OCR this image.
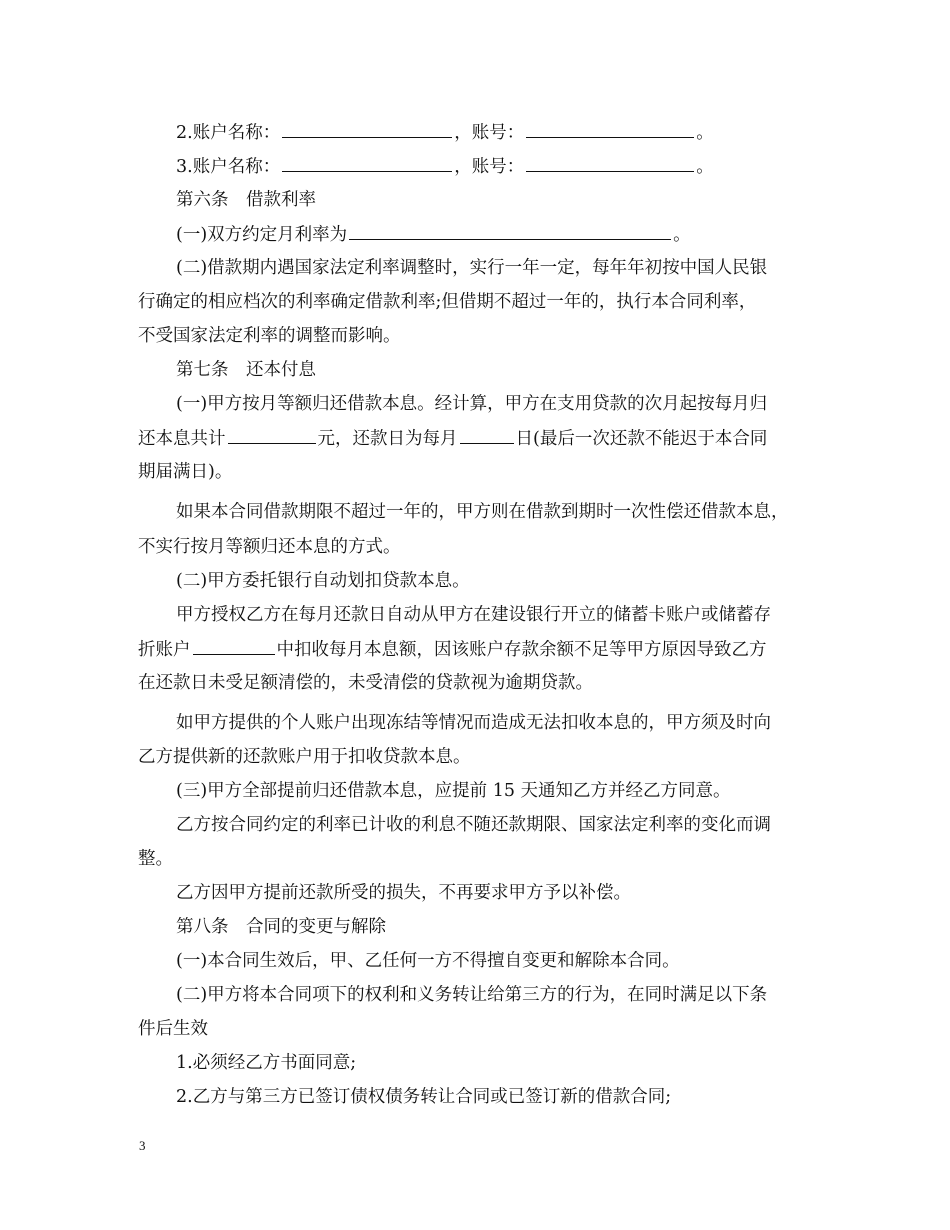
2.账户名称：	，账号：	。
3.账户名称：	，账号：	。
第六条　借款利率
(一)双方约定月利率为	。
(二)借款期内遇国家法定利率调整时，实行一年一定，每年年初按中国人民银
行确定的相应档次的利率确定借款利率;但借期不超过一年的，执行本合同利率，
不受国家法定利率的调整而影响。
第七条　还本付息
(一)甲方按月等额归还借款本息。经计算，甲方在支用贷款的次月起按每月归
还本息共计	元，还款日为每月	日(最后一次还款不能迟于本合同
期届满日)。
如果本合同借款期限不超过一年的，甲方则在借款到期时一次性偿还借款本息，
不实行按月等额归还本息的方式。
(二)甲方委托银行自动划扣贷款本息。
甲方授权乙方在每月还款日自动从甲方在建设银行开立的储蓄卡账户或储蓄存
折账户	中扣收每月本息额，因该账户存款余额不足等甲方原因导致乙方
在还款日未受足额清偿的，未受清偿的贷款视为逾期贷款。
如甲方提供的个人账户出现冻结等情况而造成无法扣收本息的，甲方须及时向
乙方提供新的还款账户用于扣收贷款本息。
(三)甲方全部提前归还借款本息，应提前 15 天通知乙方并经乙方同意。
乙方按合同约定的利率已计收的利息不随还款期限、国家法定利率的变化而调
整。
乙方因甲方提前还款所受的损失，不再要求甲方予以补偿。
第八条　合同的变更与解除
(一)本合同生效后，甲、乙任何一方不得擅自变更和解除本合同。
(二)甲方将本合同项下的权利和义务转让给第三方的行为，在同时满足以下条
件后生效
1.必须经乙方书面同意;
2.乙方与第三方已签订债权债务转让合同或已签订新的借款合同;
3
